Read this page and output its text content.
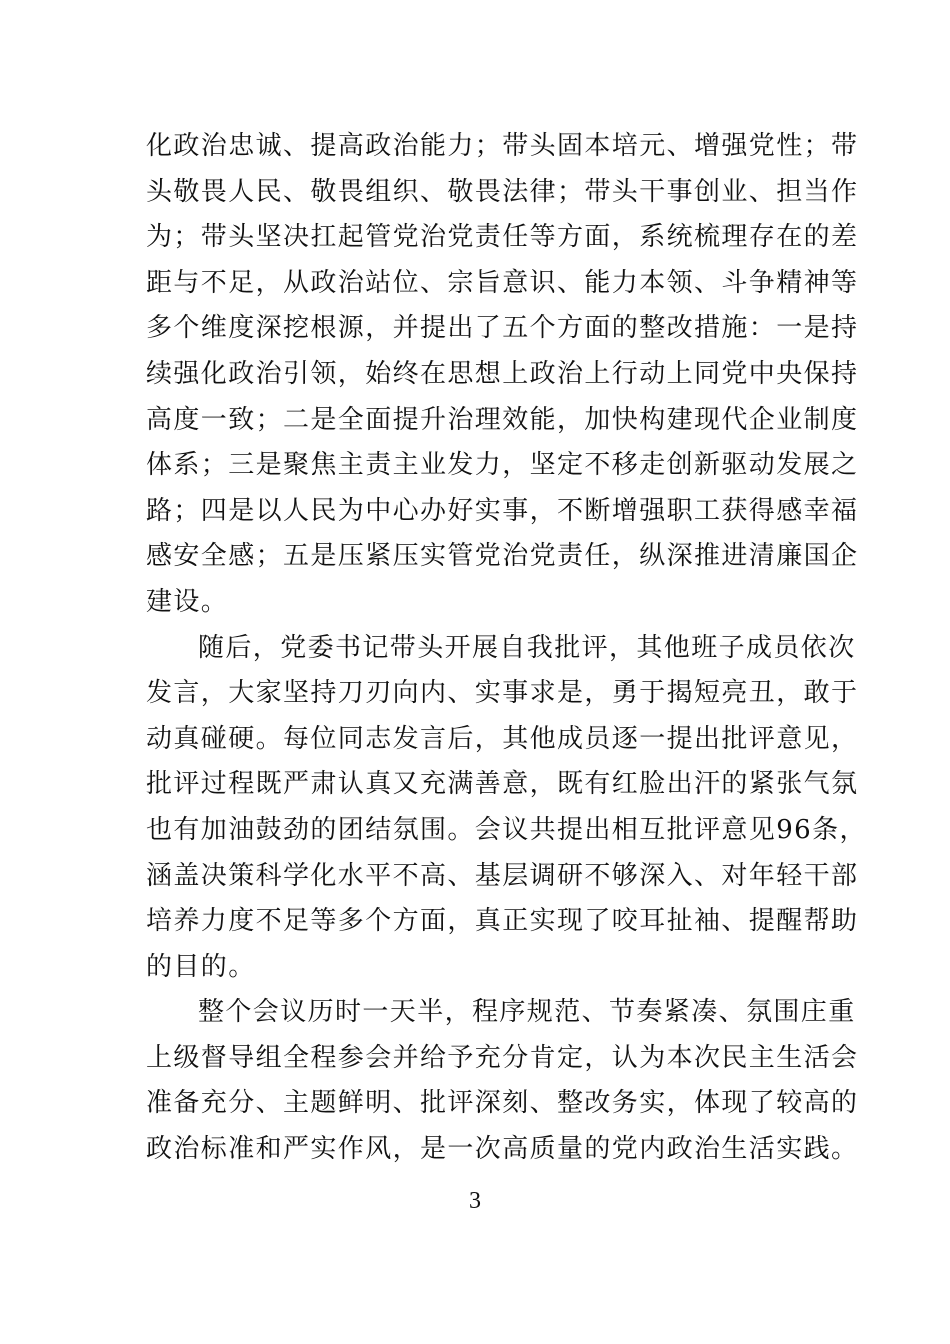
化政治忠诚、提高政治能力；带头固本培元、增强党性；带
头敬畏人民、敬畏组织、敬畏法律；带头干事创业、担当作
为；带头坚决扛起管党治党责任等方面，系统梳理存在的差
距与不足，从政治站位、宗旨意识、能力本领、斗争精神等
多个维度深挖根源，并提出了五个方面的整改措施：一是持
续强化政治引领，始终在思想上政治上行动上同党中央保持
高度一致；二是全面提升治理效能，加快构建现代企业制度
体系；三是聚焦主责主业发力，坚定不移走创新驱动发展之
路；四是以人民为中心办好实事，不断增强职工获得感幸福
感安全感；五是压紧压实管党治党责任，纵深推进清廉国企
建设。
随后，党委书记带头开展自我批评，其他班子成员依次
发言，大家坚持刀刃向内、实事求是，勇于揭短亮丑，敢于
动真碰硬。每位同志发言后，其他成员逐一提出批评意见，
批评过程既严肃认真又充满善意，既有红脸出汗的紧张气氛
也有加油鼓劲的团结氛围。会议共提出相互批评意见96条，
涵盖决策科学化水平不高、基层调研不够深入、对年轻干部
培养力度不足等多个方面，真正实现了咬耳扯袖、提醒帮助
的目的。
整个会议历时一天半，程序规范、节奏紧凑、氛围庄重
上级督导组全程参会并给予充分肯定，认为本次民主生活会
准备充分、主题鲜明、批评深刻、整改务实，体现了较高的
政治标准和严实作风，是一次高质量的党内政治生活实践。
3
